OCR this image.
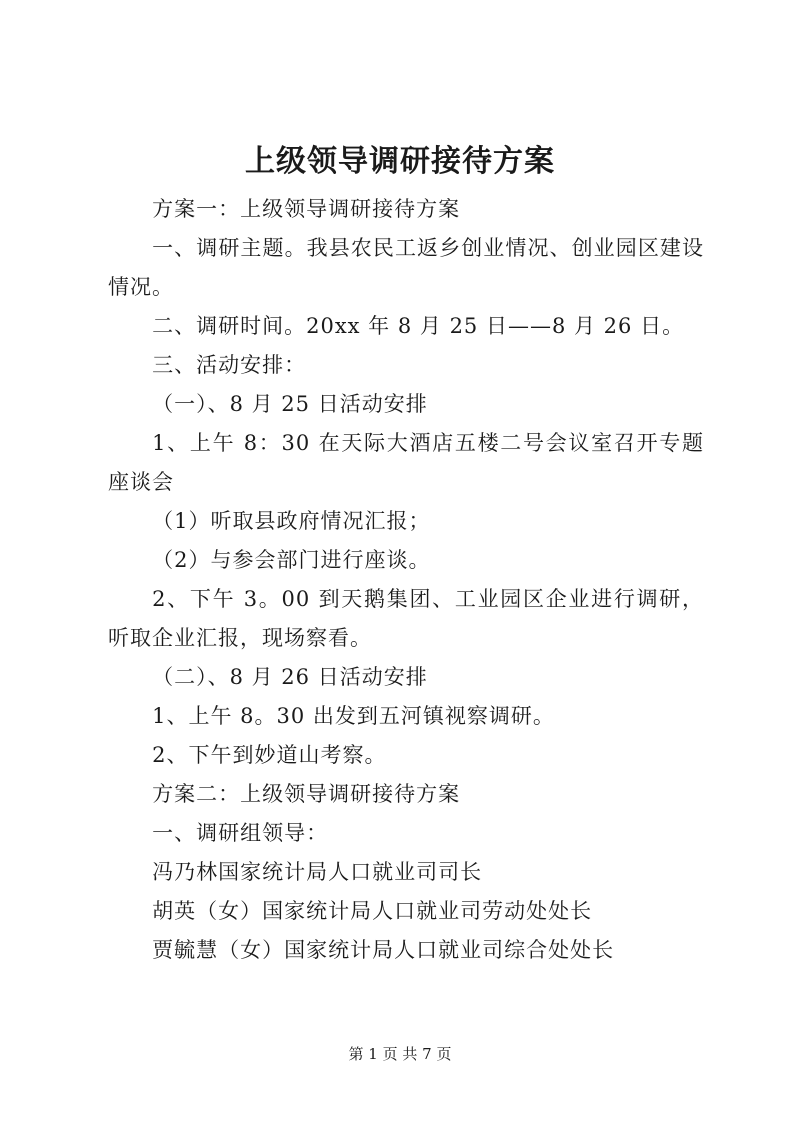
上级领导调研接待方案

方案一：上级领导调研接待方案

一、调研主题。我县农民工返乡创业情况、创业园区建设情况。

二、调研时间。20xx 年 8 月 25 日——8 月 26 日。

三、活动安排：

（一）、8 月 25 日活动安排

1、上午 8：30 在天际大酒店五楼二号会议室召开专题座谈会

（1）听取县政府情况汇报；

（2）与参会部门进行座谈。

2、下午 3。00 到天鹅集团、工业园区企业进行调研，听取企业汇报，现场察看。

（二）、8 月 26 日活动安排

1、上午 8。30 出发到五河镇视察调研。

2、下午到妙道山考察。

方案二：上级领导调研接待方案

一、调研组领导：

冯乃林国家统计局人口就业司司长

胡英（女）国家统计局人口就业司劳动处处长

贾毓慧（女）国家统计局人口就业司综合处处长

第 1 页 共 7 页
